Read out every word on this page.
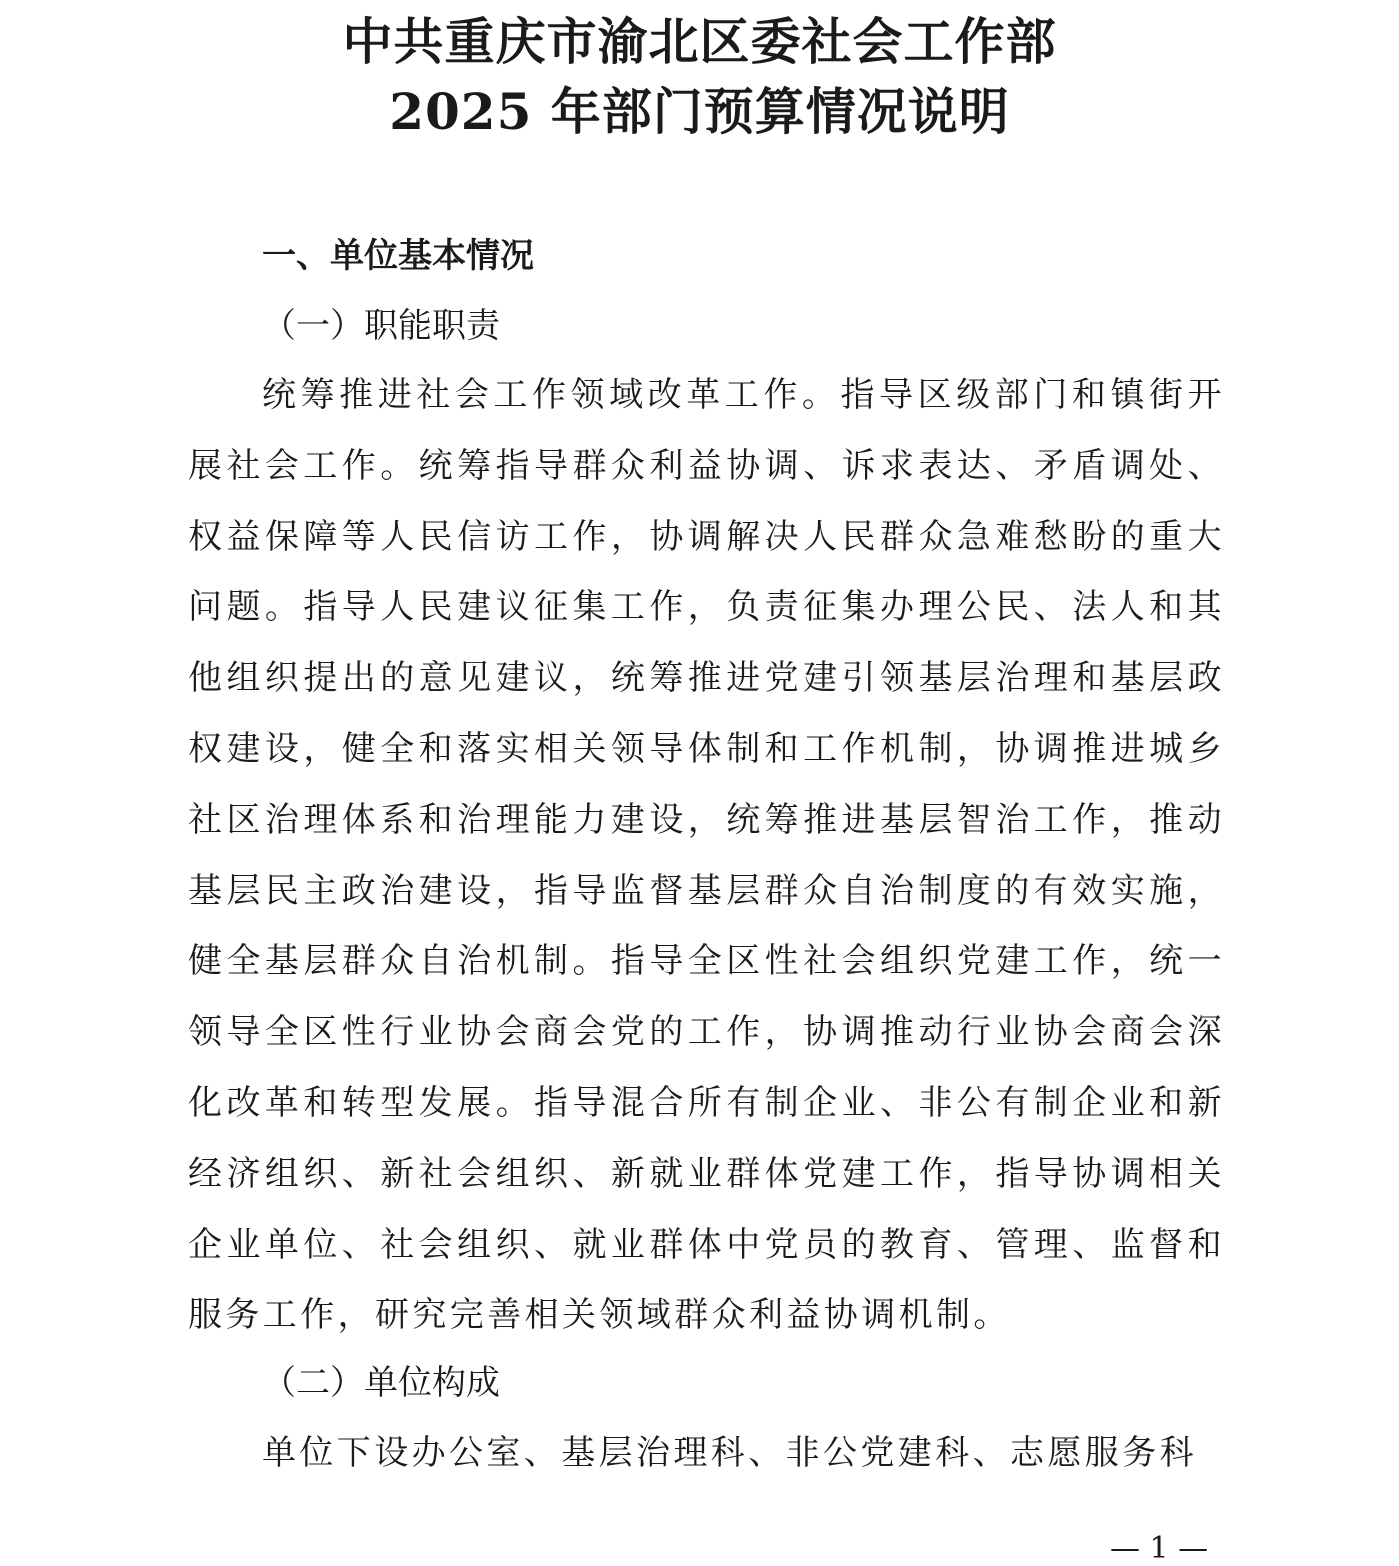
中共重庆市渝北区委社会工作部
2025 年部门预算情况说明
一、单位基本情况
（一）职能职责

统筹推进社会工作领域改革工作。指导区级部门和镇街开展社会工作。统筹指导群众利益协调、诉求表达、矛盾调处、权益保障等人民信访工作，协调解决人民群众急难愁盼的重大问题。指导人民建议征集工作，负责征集办理公民、法人和其他组织提出的意见建议，统筹推进党建引领基层治理和基层政权建设，健全和落实相关领导体制和工作机制，协调推进城乡社区治理体系和治理能力建设，统筹推进基层智治工作，推动基层民主政治建设，指导监督基层群众自治制度的有效实施，健全基层群众自治机制。指导全区性社会组织党建工作，统一领导全区性行业协会商会党的工作，协调推动行业协会商会深化改革和转型发展。指导混合所有制企业、非公有制企业和新经济组织、新社会组织、新就业群体党建工作，指导协调相关企业单位、社会组织、就业群体中党员的教育、管理、监督和服务工作，研究完善相关领域群众利益协调机制。

（二）单位构成

单位下设办公室、基层治理科、非公党建科、志愿服务科

— 1 —
